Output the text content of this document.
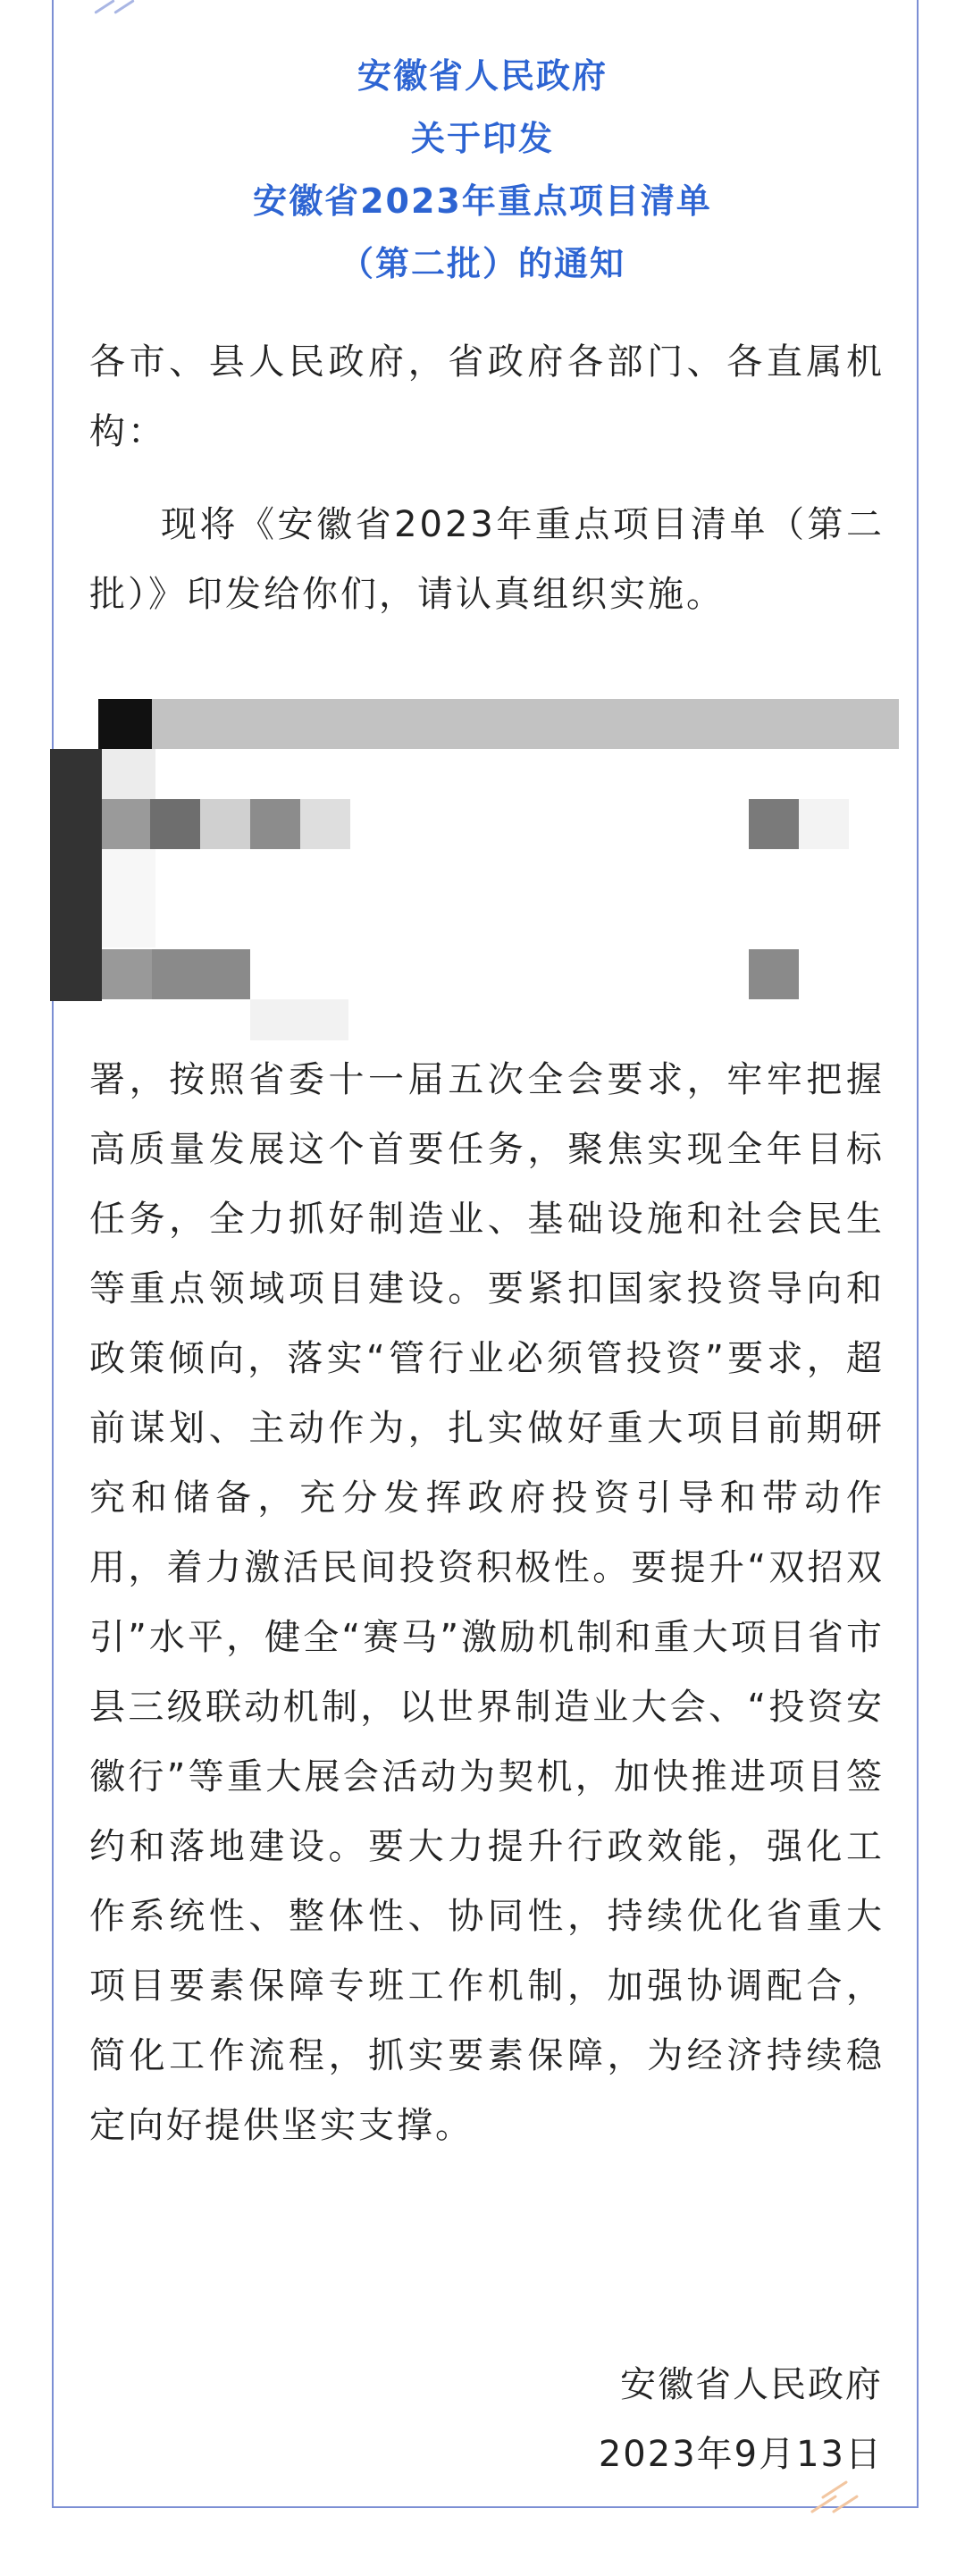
安徽省人民政府
关于印发
安徽省2023年重点项目清单
（第二批）的通知

各市、县人民政府，省政府各部门、各直属机构：

现将《安徽省2023年重点项目清单（第二批）》印发给你们，请认真组织实施。

署，按照省委十一届五次全会要求，牢牢把握高质量发展这个首要任务，聚焦实现全年目标任务，全力抓好制造业、基础设施和社会民生等重点领域项目建设。要紧扣国家投资导向和政策倾向，落实“管行业必须管投资”要求，超前谋划、主动作为，扎实做好重大项目前期研究和储备，充分发挥政府投资引导和带动作用，着力激活民间投资积极性。要提升“双招双引”水平，健全“赛马”激励机制和重大项目省市县三级联动机制，以世界制造业大会、“投资安徽行”等重大展会活动为契机，加快推进项目签约和落地建设。要大力提升行政效能，强化工作系统性、整体性、协同性，持续优化省重大项目要素保障专班工作机制，加强协调配合，简化工作流程，抓实要素保障，为经济持续稳定向好提供坚实支撑。

安徽省人民政府
2023年9月13日
